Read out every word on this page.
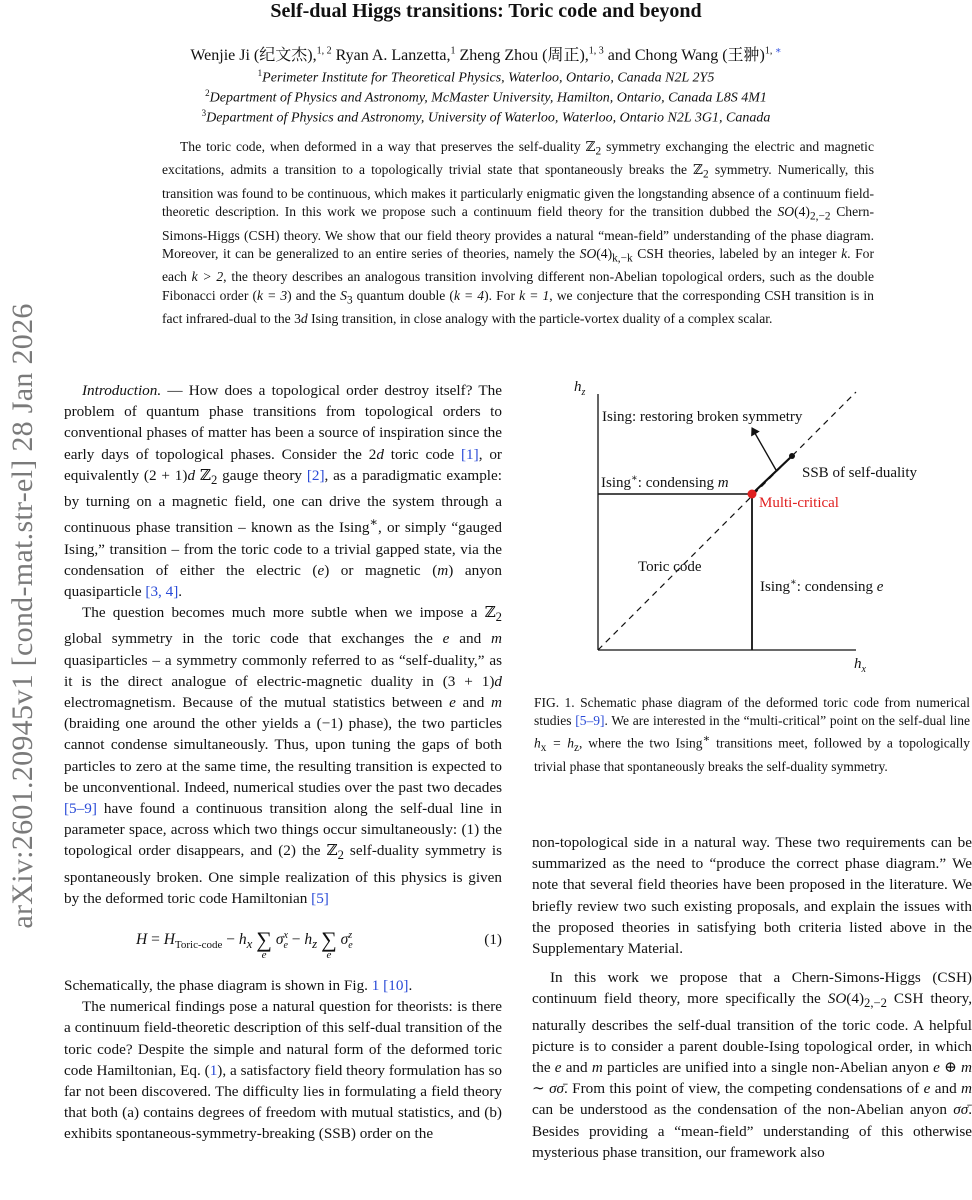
arXiv:2601.20945v1 [cond-mat.str-el] 28 Jan 2026
Self-dual Higgs transitions: Toric code and beyond
Wenjie Ji (纪文杰),$^{1, 2}$ Ryan A. Lanzetta,$^1$ Zheng Zhou (周正),$^{1, 3}$ and Chong Wang (王翀)$^{1, ∗}$
$^1$Perimeter Institute for Theoretical Physics, Waterloo, Ontario, Canada N2L 2Y5
$^2$Department of Physics and Astronomy, McMaster University, Hamilton, Ontario, Canada L8S 4M1
$^3$Department of Physics and Astronomy, University of Waterloo, Waterloo, Ontario N2L 3G1, Canada
The toric code, when deformed in a way that preserves the self-duality ℤ$_2$ symmetry exchanging the electric and magnetic excitations, admits a transition to a topologically trivial state that spontaneously breaks the ℤ$_2$ symmetry. Numerically, this transition was found to be continuous, which makes it particularly enigmatic given the longstanding absence of a continuum field-theoretic description. In this work we propose such a continuum field theory for the transition dubbed the $SO(4)_{2,-2}$ Chern-Simons-Higgs (CSH) theory. We show that our field theory provides a natural “mean-field” understanding of the phase diagram. Moreover, it can be generalized to an entire series of theories, namely the $SO(4)_{k,-k}$ CSH theories, labeled by an integer k. For each k > 2, the theory describes an analogous transition involving different non-Abelian topological orders, such as the double Fibonacci order (k = 3) and the $S_3$ quantum double (k = 4). For k = 1, we conjecture that the corresponding CSH transition is in fact infrared-dual to the 3d Ising transition, in close analogy with the particle-vortex duality of a complex scalar.

Introduction. — How does a topological order destroy itself? The problem of quantum phase transitions from topological orders to conventional phases of matter has been a source of inspiration since the early days of topological phases. Consider the 2d toric code [1], or equivalently (2 + 1)d ℤ$_2$ gauge theory [2], as a paradigmatic example: by turning on a magnetic field, one can drive the system through a continuous phase transition – known as the Ising∗, or simply “gauged Ising,” transition – from the toric code to a trivial gapped state, via the condensation of either the electric (e) or magnetic (m) anyon quasiparticle [3, 4].

The question becomes much more subtle when we impose a ℤ$_2$ global symmetry in the toric code that exchanges the e and m quasiparticles – a symmetry commonly referred to as “self-duality,” as it is the direct analogue of electric-magnetic duality in (3 + 1)d electromagnetism. Because of the mutual statistics between e and m (braiding one around the other yields a (−1) phase), the two particles cannot condense simultaneously. Thus, upon tuning the gaps of both particles to zero at the same time, the resulting transition is expected to be unconventional. Indeed, numerical studies over the past two decades [5–9] have found a continuous transition along the self-dual line in parameter space, across which two things occur simultaneously: (1) the topological order disappears, and (2) the ℤ$_2$ self-duality symmetry is spontaneously broken. One simple realization of this physics is given by the deformed toric code Hamiltonian [5]

$H = H_{Toric-code} - h_x$ ∑
e σx
$e - h_z$ ∑
e σz
e	(1)

Schematically, the phase diagram is shown in Fig. 1 [10].

The numerical findings pose a natural question for theorists: is there a continuum field-theoretic description of this self-dual transition of the toric code? Despite the simple and natural form of the deformed toric code Hamiltonian, Eq. (1), a satisfactory field theory formulation has so far not been discovered. The difficulty lies in formulating a field theory that both (a) contains degrees of freedom with mutual statistics, and (b) exhibits spontaneous-symmetry-breaking (SSB) order on the

$h_z$
$h_x$
Ising: restoring broken symmetry
SSB of self-duality
Ising∗: condensing m
Multi-critical
Toric code
Ising∗: condensing e
FIG. 1. Schematic phase diagram of the deformed toric code from numerical studies [5–9]. We are interested in the “multi-critical” point on the self-dual line $h_x = h_z$, where the two Ising∗ transitions meet, followed by a topologically trivial phase that spontaneously breaks the self-duality symmetry.

non-topological side in a natural way. These two requirements can be summarized as the need to “produce the correct phase diagram.” We note that several field theories have been proposed in the literature. We briefly review two such existing proposals, and explain the issues with the proposed theories in satisfying both criteria listed above in the Supplementary Material.

In this work we propose that a Chern-Simons-Higgs (CSH) continuum field theory, more specifically the $SO(4)_{2,-2}$ CSH theory, naturally describes the self-dual transition of the toric code. A helpful picture is to consider a parent double-Ising topological order, in which the e and m particles are unified into a single non-Abelian anyon e ⊕ m ∼ σσ̄. From this point of view, the competing condensations of e and m can be understood as the condensation of the non-Abelian anyon σσ̄. Besides providing a “mean-field” understanding of this otherwise mysterious phase transition, our framework also
